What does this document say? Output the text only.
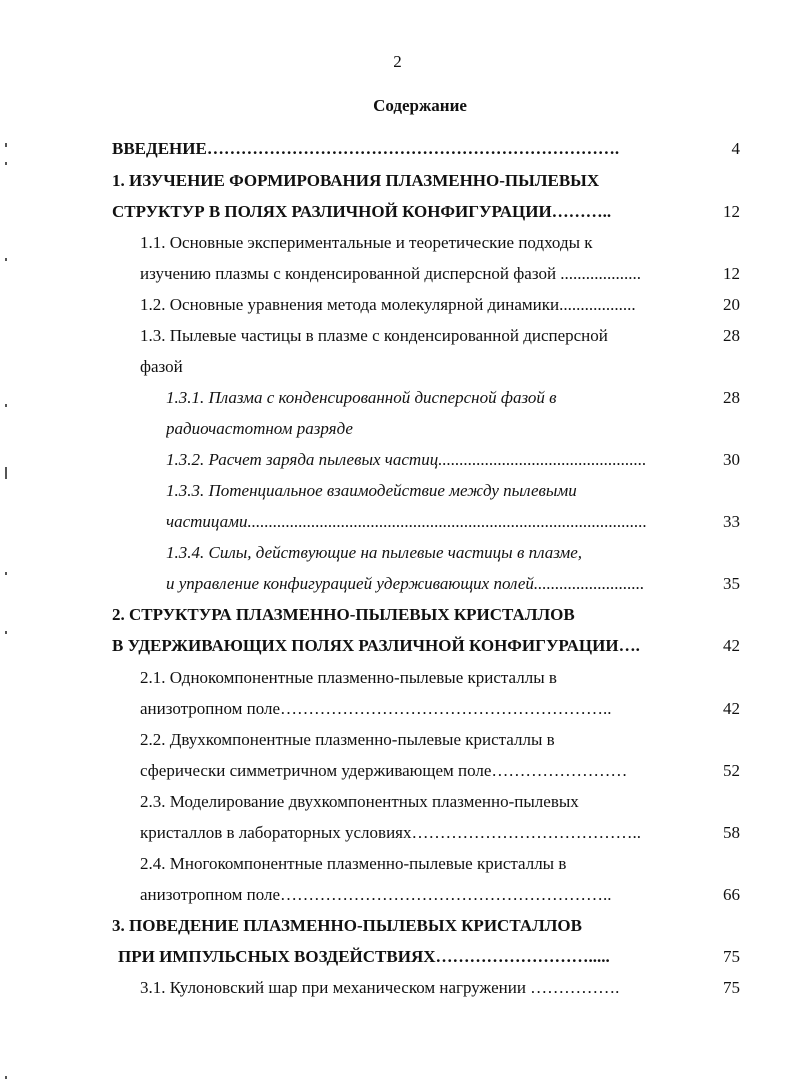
2
Содержание
ВВЕДЕНИЕ……………………………………………………………….	4
1. ИЗУЧЕНИЕ ФОРМИРОВАНИЯ ПЛАЗМЕННО-ПЫЛЕВЫХ
СТРУКТУР В ПОЛЯХ РАЗЛИЧНОЙ КОНФИГУРАЦИИ………..	12
1.1. Основные экспериментальные и теоретические подходы к
изучению плазмы с конденсированной дисперсной фазой ...................	12
1.2. Основные уравнения метода молекулярной динамики..................	20
1.3. Пылевые частицы в плазме с конденсированной дисперсной	28
фазой
1.3.1. Плазма с конденсированной дисперсной фазой в	28
радиочастотном разряде
1.3.2. Расчет заряда пылевых частиц.................................................	30
1.3.3. Потенциальное взаимодействие между пылевыми
частицами..............................................................................................	33
1.3.4. Силы, действующие на пылевые частицы в плазме,
и управление конфигурацией удерживающих полей..........................	35
2. СТРУКТУРА ПЛАЗМЕННО-ПЫЛЕВЫХ КРИСТАЛЛОВ
В УДЕРЖИВАЮЩИХ ПОЛЯХ РАЗЛИЧНОЙ КОНФИГУРАЦИИ….	42
2.1. Однокомпонентные плазменно-пылевые кристаллы в
анизотропном поле…………………………………………………..	42
2.2. Двухкомпонентные плазменно-пылевые кристаллы в
сферически симметричном удерживающем поле……………………	52
2.3. Моделирование двухкомпонентных плазменно-пылевых
кристаллов в лабораторных условиях…………………………………..	58
2.4. Многокомпонентные плазменно-пылевые кристаллы в
анизотропном поле…………………………………………………..	66
3. ПОВЕДЕНИЕ ПЛАЗМЕННО-ПЫЛЕВЫХ КРИСТАЛЛОВ
ПРИ ИМПУЛЬСНЫХ ВОЗДЕЙСТВИЯХ……………………….....	75
3.1. Кулоновский шар при механическом нагружении …………….	75
